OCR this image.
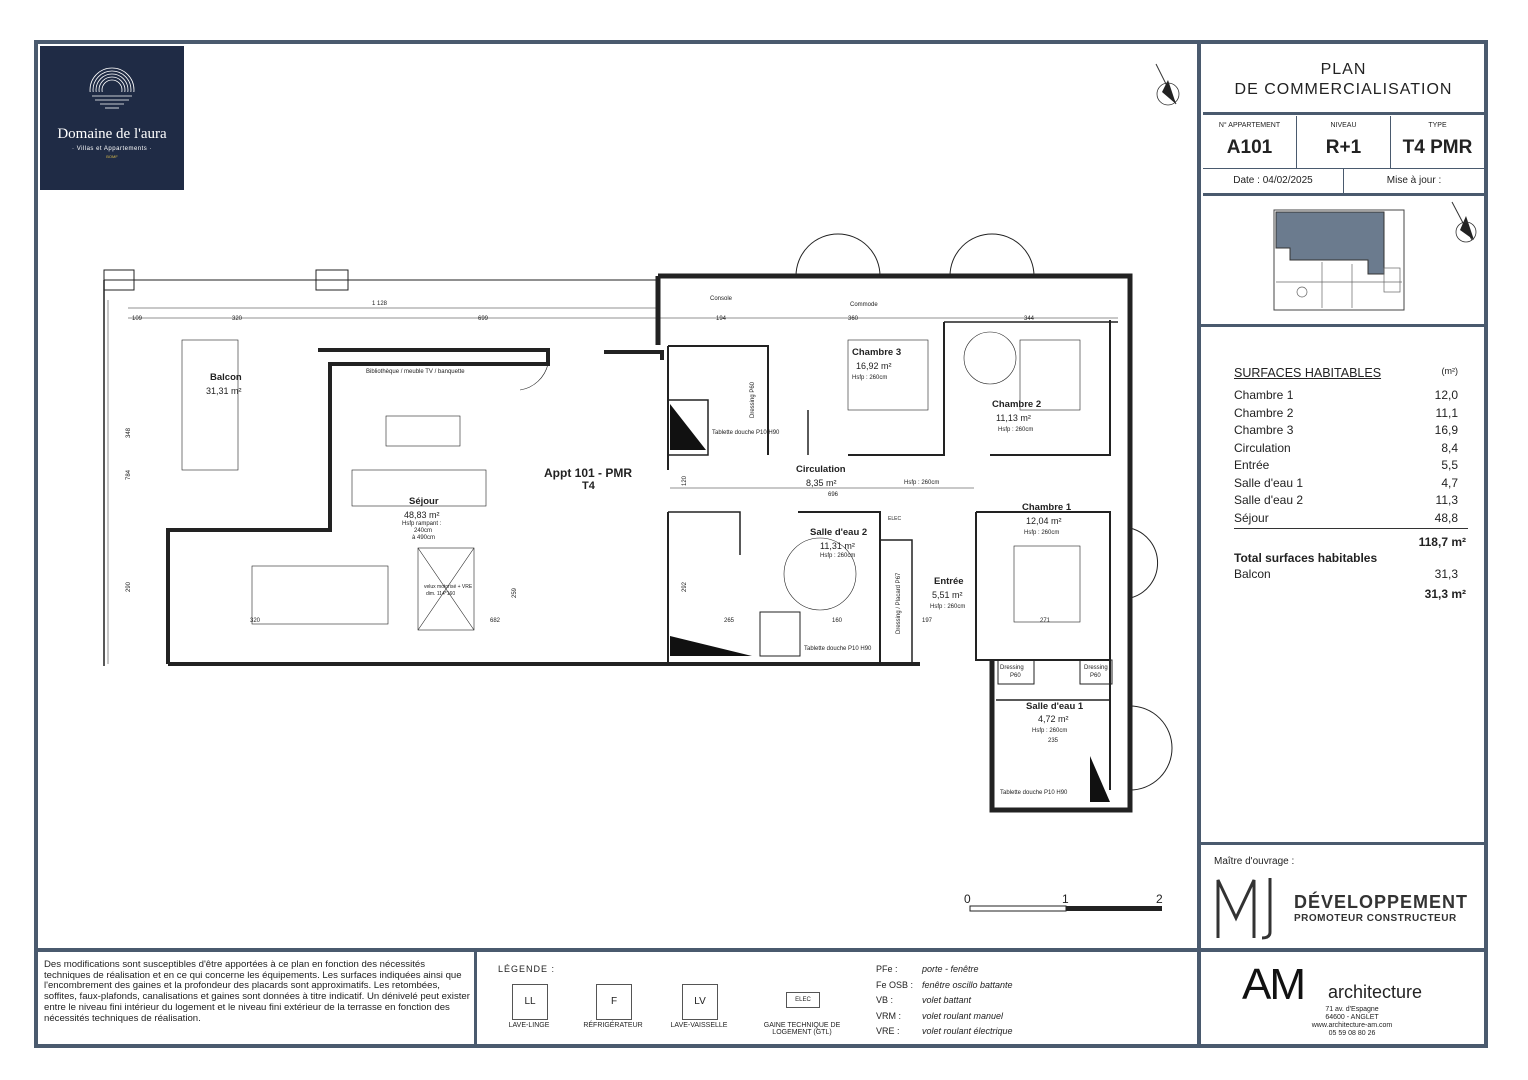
Domaine de l'aura
· Villas et Appartements ·
BOMF
PLAN
DE COMMERCIALISATION
N° APPARTEMENT
A101
NIVEAU
R+1
TYPE
T4 PMR
Date : 04/02/2025	Mise à jour :
SURFACES HABITABLES	(m²)
Chambre 1	12,0
Chambre 2	11,1
Chambre 3	16,9
Circulation	8,4
Entrée	5,5
Salle d'eau 1	4,7
Salle d'eau 2	11,3
Séjour	48,8
118,7 m²
Total surfaces habitables
Balcon	31,3
31,3 m²
Maître d'ouvrage :
DÉVELOPPEMENT
PROMOTEUR CONSTRUCTEUR
AM architecture
71 av. d'Espagne
64600 - ANGLET
www.architecture-am.com
05 59 08 80 26
Des modifications sont susceptibles d'être apportées à ce plan en fonction des nécessités techniques de réalisation et en ce qui concerne les équipements. Les surfaces indiquées ainsi que l'encombrement des gaines et la profondeur des placards sont approximatifs. Les retombées, soffites, faux-plafonds, canalisations et gaines sont données à titre indicatif. Un dénivelé peut exister entre le niveau fini intérieur du logement et le niveau fini extérieur de la terrasse en fonction des nécessités techniques de réalisation.
LÉGENDE :
LL
LAVE-LINGE
F
RÉFRIGÉRATEUR
LV
LAVE-VAISSELLE
ELEC
GAINE TECHNIQUE DE LOGEMENT (GTL)
PFe :	porte - fenêtre
Fe OSB : fenêtre oscillo battante
VB :	volet battant
VRM : volet roulant manuel
VRE : volet roulant électrique
Appt 101 - PMR
T4
Balcon
31,31 m²
Séjour
48,83 m²
Hsfp rampant :
240cm
à 490cm
Chambre 3
16,92 m²
Hsfp : 260cm
Chambre 2
11,13 m²
Hsfp : 260cm
Chambre 1
12,04 m²
Hsfp : 260cm
Circulation
8,35 m²	Hsfp : 260cm
Salle d'eau 2
11,31 m²
Hsfp : 260cm
Entrée
5,51 m²
Hsfp : 260cm
Salle d'eau 1
4,72 m²
Hsfp : 260cm
Bibliothèque / meuble TV / banquette
velux motorisé + VRE
dim. 114*160
Tablette douche P10 H90
Tablette douche P10 H90
Tablette douche P10 H90
Console
Commode
ELEC
Dressing	Dressing
P60	P60
Dressing P60
Dressing / Placard P67
1 128
109	320	699	194	360	344
784
348
290
696
120
682	265	160	271
235
292
259
320	197
0	1	2
